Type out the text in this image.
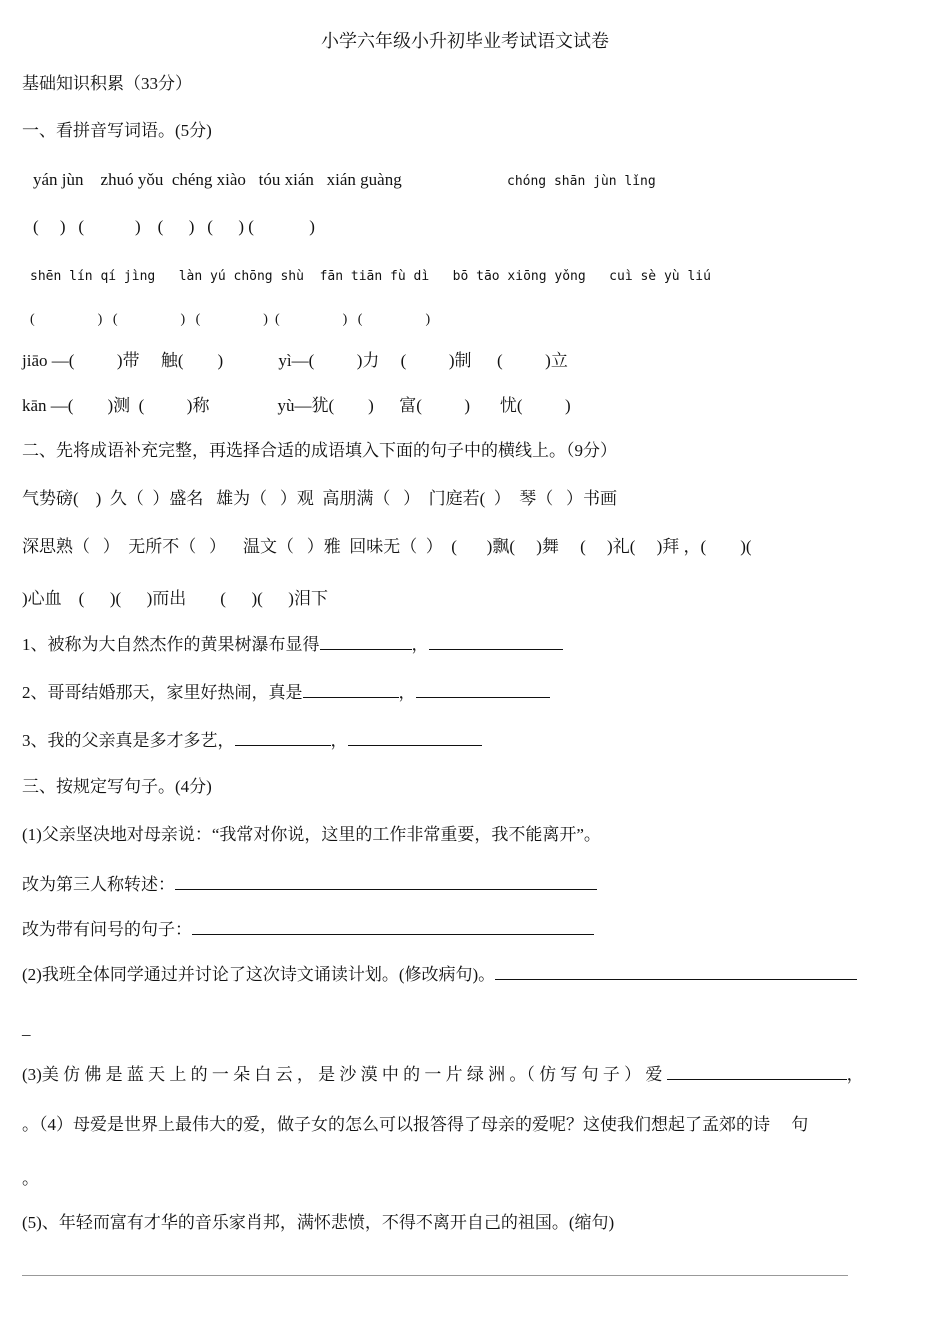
小学六年级小升初毕业考试语文试卷
基础知识积累（33分）
一、看拼音写词语。(5分)
yán jùn    zhuó yǒu  chéng xiào   tóu xián   xián guàng	chóng shān jùn lǐng
(     )   (            )    (      )   (      ) (             )
shēn lín qí jìng   làn yú chōng shù  fān tiān fù dì   bō tāo xiōng yǒng   cuì sè yù liú
(                  )   (                  )   (                  )  (                  )   (                  )
jiāo —(          )带     触(        )             yì—(          )力     (          )制      (          )立
kān —(        )测  (          )称                yù—犹(        )      富(          )       忧(          )
二、先将成语补充完整，再选择合适的成语填入下面的句子中的横线上。（9分）
气势磅(    )  久（  ）盛名   雄为（   ）观  高朋满（   ）  门庭若(  ）  琴（   ）书画
深思熟（   ）  无所不（   ）    温文（   ）雅  回味无（  ）  (       )飘(     )舞     (     )礼(     )拜 ，(        )(
)心血    (      )(      )而出        (      )(      )泪下
1、被称为大自然杰作的黄果树瀑布显得	，
2、哥哥结婚那天，家里好热闹，真是	，
3、我的父亲真是多才多艺，	，
三、按规定写句子。(4分)
(1)父亲坚决地对母亲说：“我常对你说，这里的工作非常重要，我不能离开”。
改为第三人称转述：
改为带有问号的句子：
(2)我班全体同学通过并讨论了这次诗文诵读计划。(修改病句)。
_
(3)美 仿 佛 是 蓝 天 上 的 一 朵 白 云 ， 是 沙 漠 中 的 一 片 绿 洲 。（ 仿 写 句 子 ） 爱	，
。（4）母爱是世界上最伟大的爱，做子女的怎么可以报答得了母亲的爱呢？这使我们想起了孟郊的诗     句
。
(5)、年轻而富有才华的音乐家肖邦，满怀悲愤，不得不离开自己的祖国。(缩句)
